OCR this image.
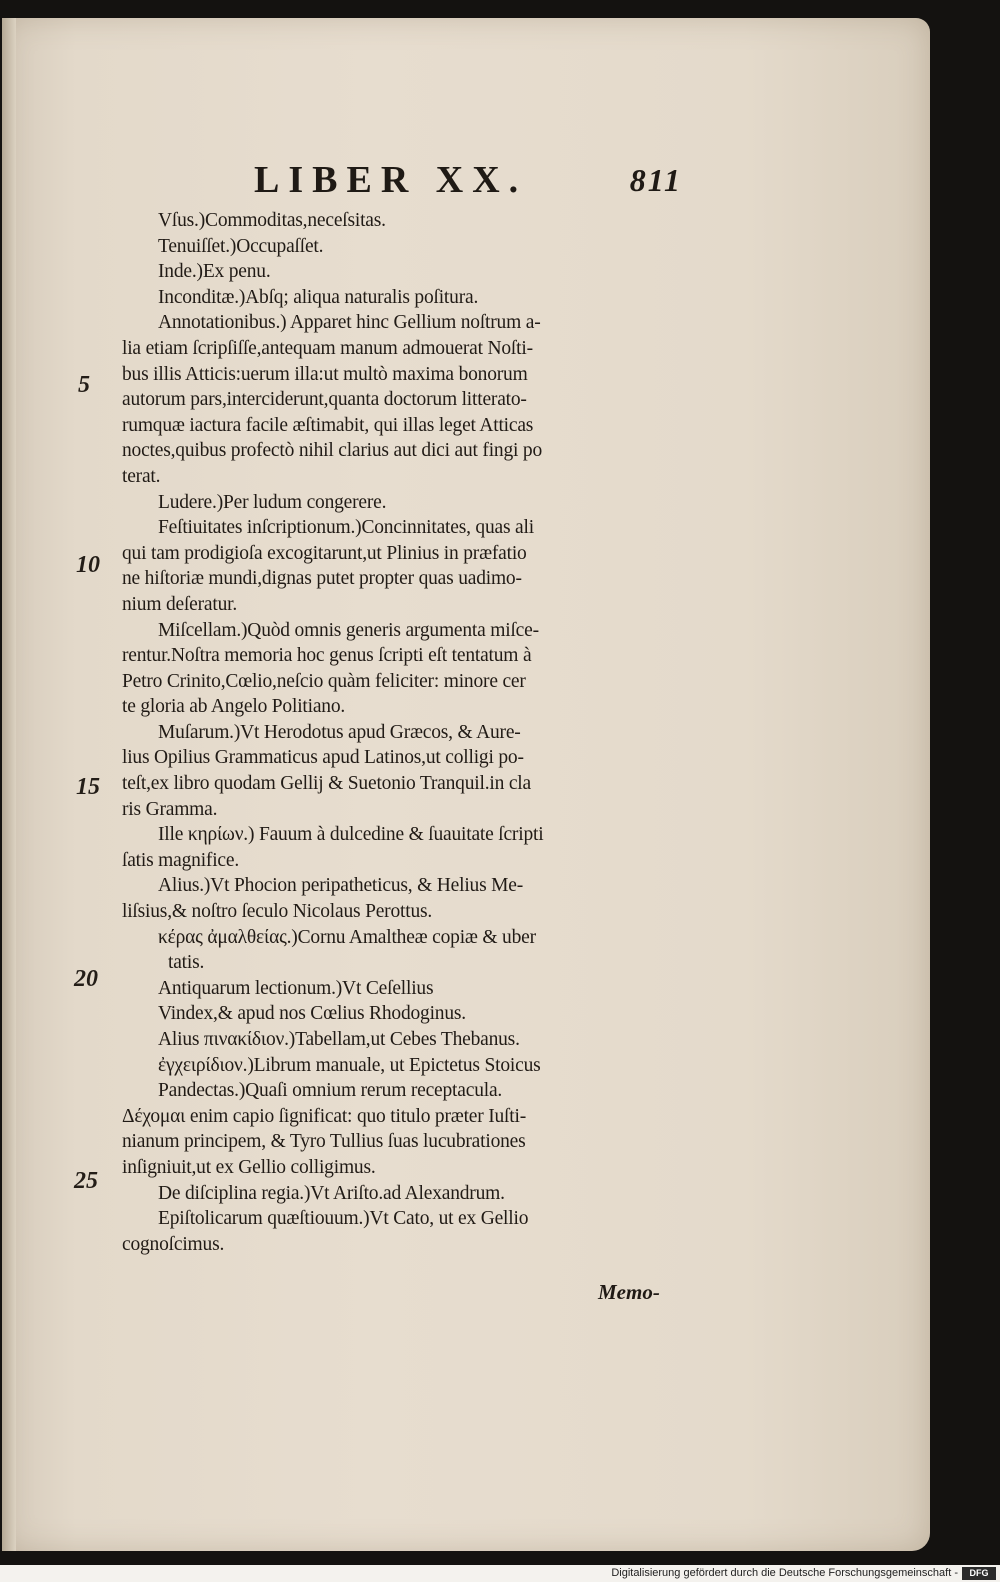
LIBER XX.	811
Vſus.)Commoditas,neceſsitas.
Tenuiſſet.)Occupaſſet.
Inde.)Ex penu.
Inconditæ.)Abſq; aliqua naturalis poſitura.
Annotationibus.) Apparet hinc Gellium noſtrum a-
lia etiam ſcripſiſſe,antequam manum admouerat Noſti-
bus illis Atticis:uerum illa:ut multò maxima bonorum
autorum pars,interciderunt,quanta doctorum litterato-
rumquæ iactura facile æſtimabit, qui illas leget Atticas
noctes,quibus profectò nihil clarius aut dici aut fingi po
terat.
Ludere.)Per ludum congerere.
Feſtiuitates inſcriptionum.)Concinnitates, quas ali
qui tam prodigioſa excogitarunt,ut Plinius in præfatio
ne hiſtoriæ mundi,dignas putet propter quas uadimo-
nium deſeratur.
Miſcellam.)Quòd omnis generis argumenta miſce-
rentur.Noſtra memoria hoc genus ſcripti eſt tentatum à
Petro Crinito,Cœlio,neſcio quàm feliciter: minore cer
te gloria ab Angelo Politiano.
Muſarum.)Vt Herodotus apud Græcos, & Aure-
lius Opilius Grammaticus apud Latinos,ut colligi po-
teſt,ex libro quodam Gellij & Suetonio Tranquil.in cla
ris Gramma.
Ille κηρίων.) Fauum à dulcedine & ſuauitate ſcripti
ſatis magnifice.
Alius.)Vt Phocion peripatheticus, & Helius Me-
liſsius,& noſtro ſeculo Nicolaus Perottus.
κέρας ἀμαλθείας.)Cornu Amaltheæ copiæ & uber
tatis.
Antiquarum lectionum.)Vt Ceſellius
Vindex,& apud nos Cœlius Rhodoginus.
Alius πινακίδιον.)Tabellam,ut Cebes Thebanus.
ἐγχειρίδιον.)Librum manuale, ut Epictetus Stoicus
Pandectas.)Quaſi omnium rerum receptacula.
Δέχομαι enim capio ſignificat: quo titulo præter Iuſti-
nianum principem, & Tyro Tullius ſuas lucubrationes
inſigniuit,ut ex Gellio colligimus.
De diſciplina regia.)Vt Ariſto.ad Alexandrum.
Epiſtolicarum quæſtiouum.)Vt Cato, ut ex Gellio
cognoſcimus.
5
10
15
20
25
Memo-
Digitalisierung gefördert durch die Deutsche Forschungsgemeinschaft -	DFG
